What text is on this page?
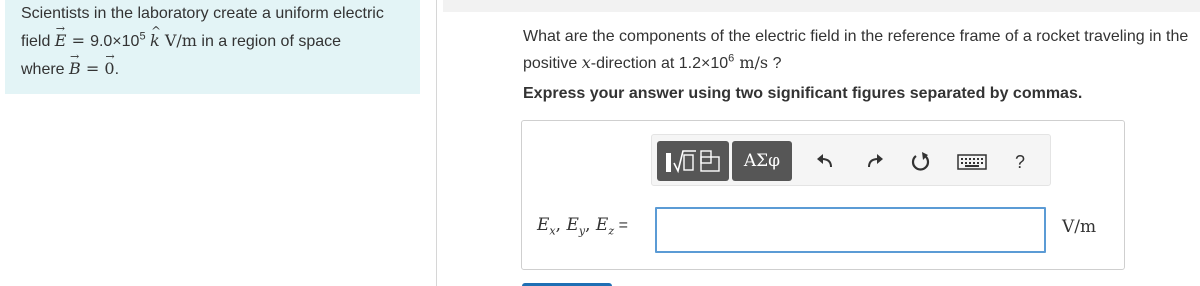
Scientists in the laboratory create a uniform electric
field → $E = 9.0\times 10^5$ ^ k V/m in a region of space
where → B = → 0.
What are the components of the electric field in the reference frame of a rocket traveling in the positive x-direction at $1.2\times 10^6$ m/s ?
Express your answer using two significant figures separated by commas.
ΑΣφ	?
$E_x$, $E_y$, $E_z$ =	V/m
